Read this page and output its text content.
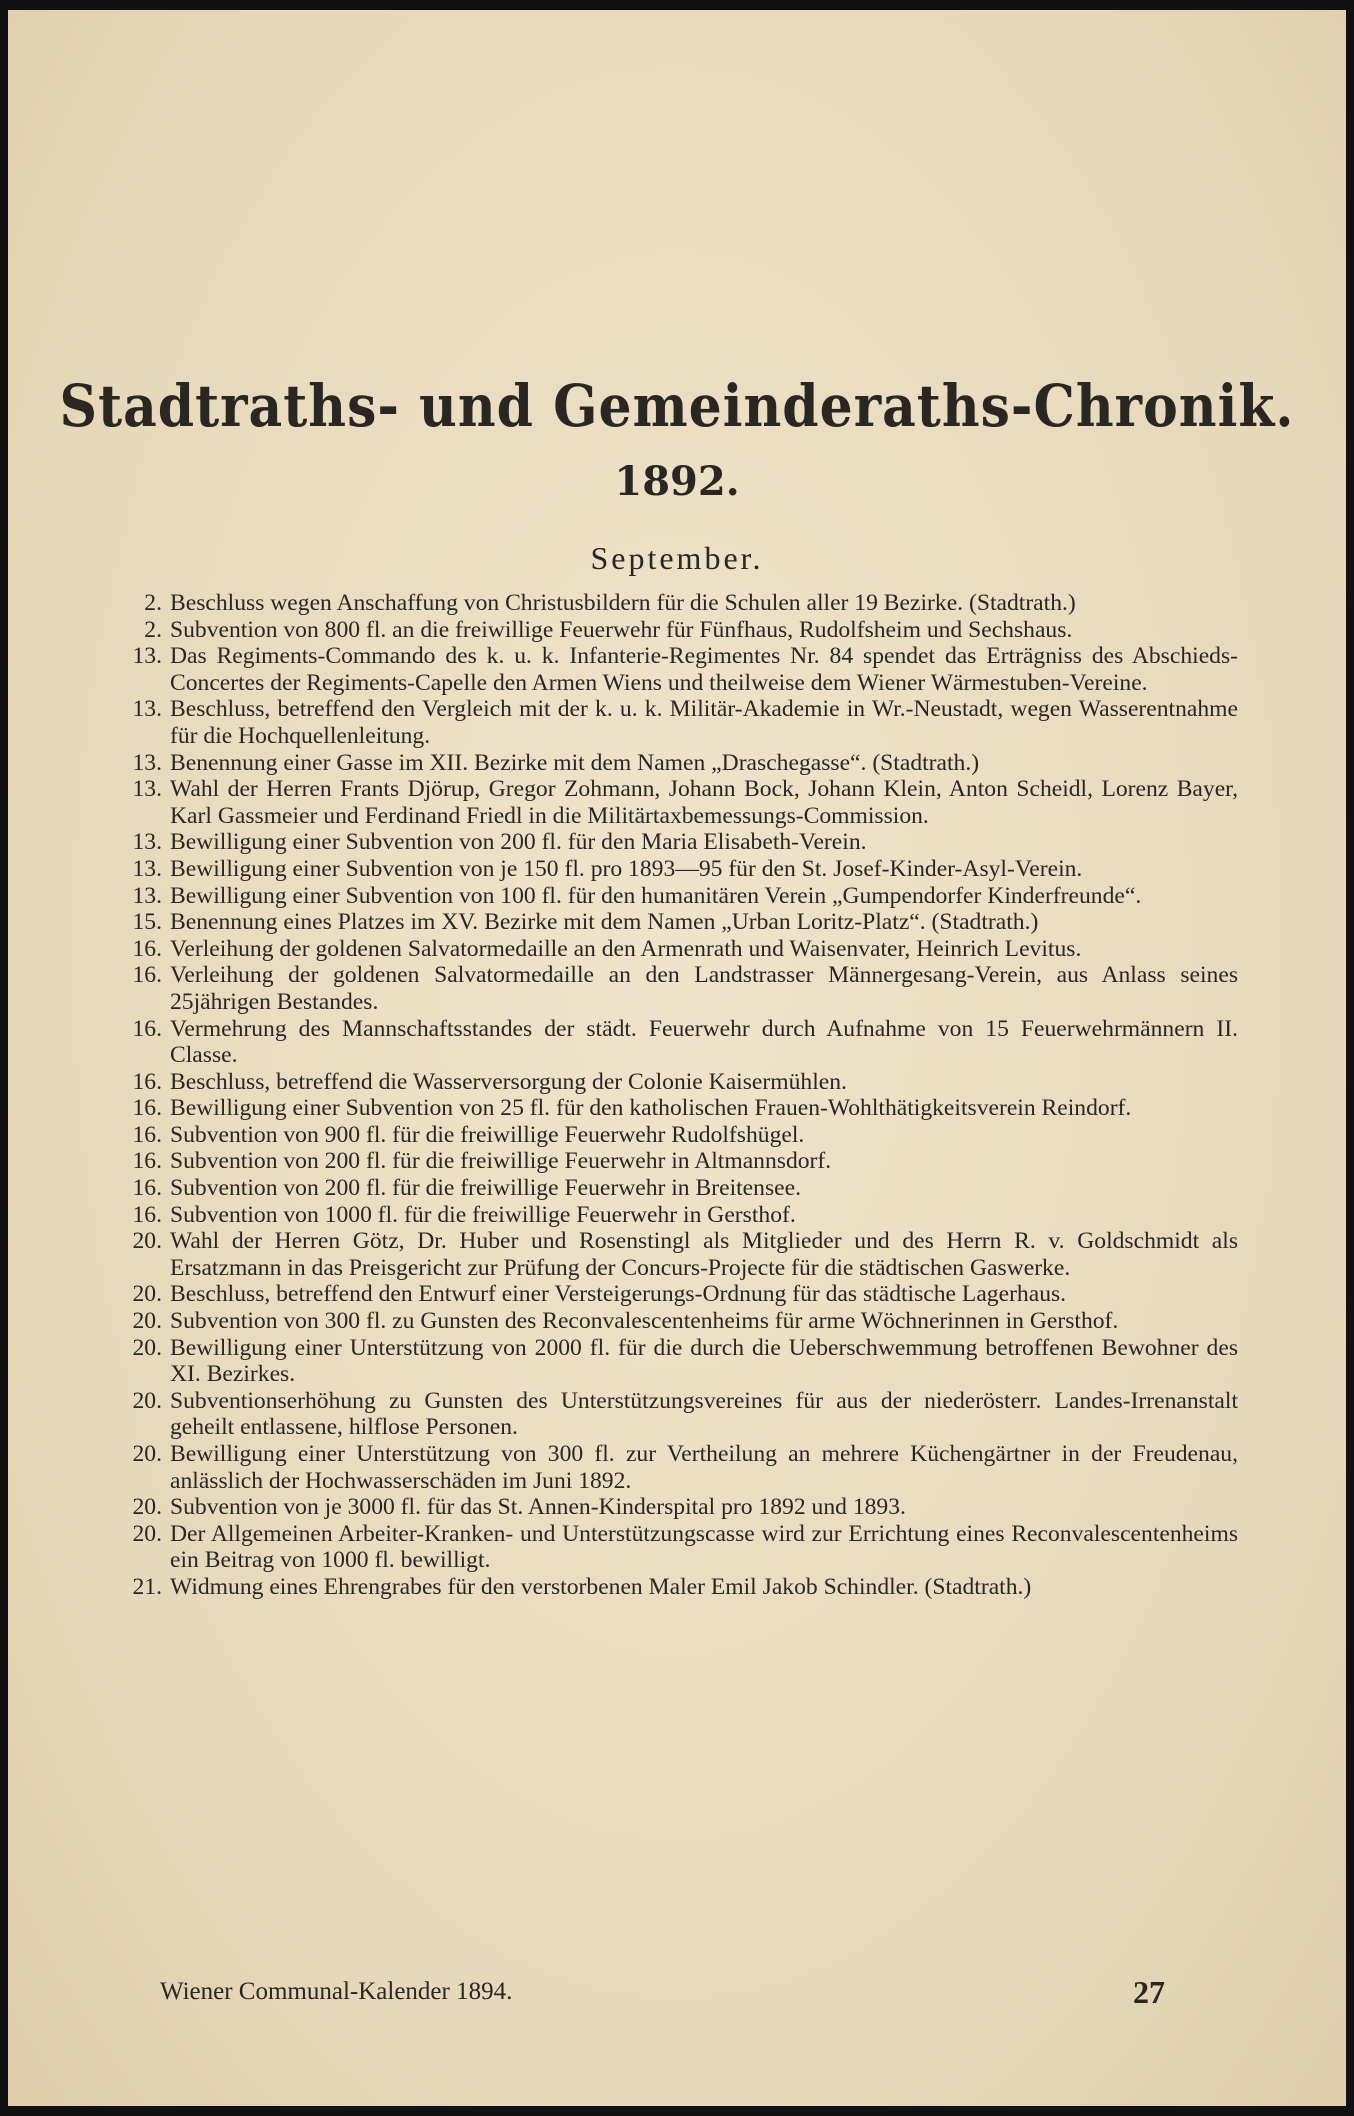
Stadtraths- und Gemeinderaths-Chronik.
1892.
September.
2. Beschluss wegen Anschaffung von Christusbildern für die Schulen aller 19 Bezirke. (Stadtrath.)
2. Subvention von 800 fl. an die freiwillige Feuerwehr für Fünfhaus, Rudolfsheim und Sechshaus.
13. Das Regiments-Commando des k. u. k. Infanterie-Regimentes Nr. 84 spendet das Erträgniss des Abschieds-Concertes der Regiments-Capelle den Armen Wiens und theilweise dem Wiener Wärmestuben-Vereine.
13. Beschluss, betreffend den Vergleich mit der k. u. k. Militär-Akademie in Wr.-Neustadt, wegen Wasserentnahme für die Hochquellenleitung.
13. Benennung einer Gasse im XII. Bezirke mit dem Namen „Draschegasse“. (Stadtrath.)
13. Wahl der Herren Frants Djörup, Gregor Zohmann, Johann Bock, Johann Klein, Anton Scheidl, Lorenz Bayer, Karl Gassmeier und Ferdinand Friedl in die Militärtaxbemessungs-Commission.
13. Bewilligung einer Subvention von 200 fl. für den Maria Elisabeth-Verein.
13. Bewilligung einer Subvention von je 150 fl. pro 1893—95 für den St. Josef-Kinder-Asyl-Verein.
13. Bewilligung einer Subvention von 100 fl. für den humanitären Verein „Gumpendorfer Kinderfreunde“.
15. Benennung eines Platzes im XV. Bezirke mit dem Namen „Urban Loritz-Platz“. (Stadtrath.)
16. Verleihung der goldenen Salvatormedaille an den Armenrath und Waisenvater, Heinrich Levitus.
16. Verleihung der goldenen Salvatormedaille an den Landstrasser Männergesang-Verein, aus Anlass seines 25jährigen Bestandes.
16. Vermehrung des Mannschaftsstandes der städt. Feuerwehr durch Aufnahme von 15 Feuerwehrmännern II. Classe.
16. Beschluss, betreffend die Wasserversorgung der Colonie Kaisermühlen.
16. Bewilligung einer Subvention von 25 fl. für den katholischen Frauen-Wohlthätigkeitsverein Reindorf.
16. Subvention von 900 fl. für die freiwillige Feuerwehr Rudolfshügel.
16. Subvention von 200 fl. für die freiwillige Feuerwehr in Altmannsdorf.
16. Subvention von 200 fl. für die freiwillige Feuerwehr in Breitensee.
16. Subvention von 1000 fl. für die freiwillige Feuerwehr in Gersthof.
20. Wahl der Herren Götz, Dr. Huber und Rosenstingl als Mitglieder und des Herrn R. v. Goldschmidt als Ersatzmann in das Preisgericht zur Prüfung der Concurs-Projecte für die städtischen Gaswerke.
20. Beschluss, betreffend den Entwurf einer Versteigerungs-Ordnung für das städtische Lagerhaus.
20. Subvention von 300 fl. zu Gunsten des Reconvalescentenheims für arme Wöchnerinnen in Gersthof.
20. Bewilligung einer Unterstützung von 2000 fl. für die durch die Ueberschwemmung betroffenen Bewohner des XI. Bezirkes.
20. Subventionserhöhung zu Gunsten des Unterstützungsvereines für aus der niederösterr. Landes-Irrenanstalt geheilt entlassene, hilflose Personen.
20. Bewilligung einer Unterstützung von 300 fl. zur Vertheilung an mehrere Küchengärtner in der Freudenau, anlässlich der Hochwasserschäden im Juni 1892.
20. Subvention von je 3000 fl. für das St. Annen-Kinderspital pro 1892 und 1893.
20. Der Allgemeinen Arbeiter-Kranken- und Unterstützungscasse wird zur Errichtung eines Reconvalescentenheims ein Beitrag von 1000 fl. bewilligt.
21. Widmung eines Ehrengrabes für den verstorbenen Maler Emil Jakob Schindler. (Stadtrath.)
Wiener Communal-Kalender 1894.	27
